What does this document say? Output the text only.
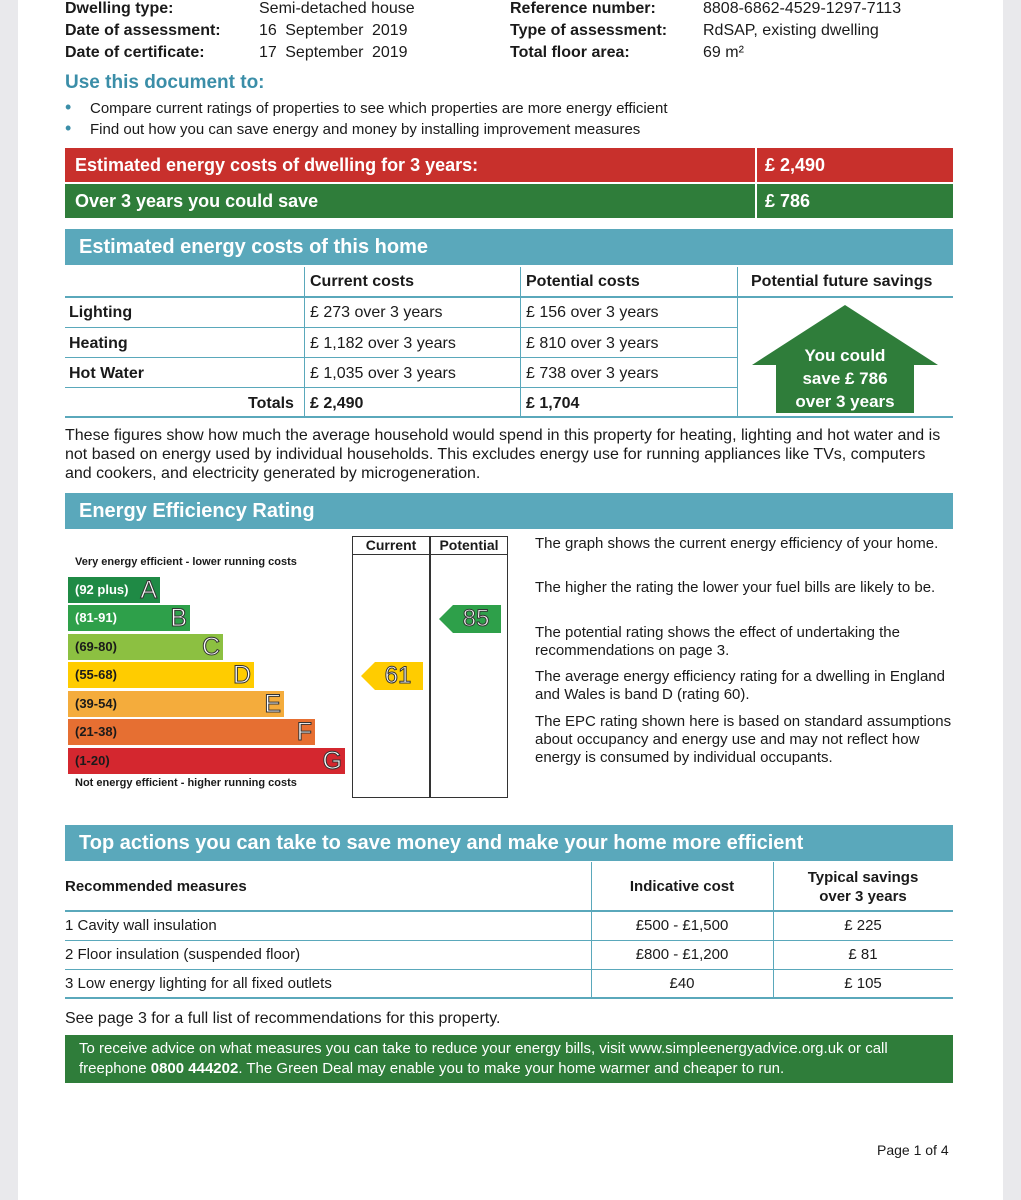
Dwelling type:	Semi-detached house
Date of assessment: 16 September 2019
Date of certificate:	17 September 2019
Reference number:	8808-6862-4529-1297-7113
Type of assessment: RdSAP, existing dwelling
Total floor area:	69 m²
Use this document to:
• Compare current ratings of properties to see which properties are more energy efficient
• Find out how you can save energy and money by installing improvement measures
Estimated energy costs of dwelling for 3 years:	£ 2,490
Over 3 years you could save	£ 786
Estimated energy costs of this home
Current costs	Potential costs	Potential future savings
Lighting	£ 273 over 3 years	£ 156 over 3 years
Heating	£ 1,182 over 3 years	£ 810 over 3 years
Hot Water	£ 1,035 over 3 years	£ 738 over 3 years
Totals £ 2,490	£ 1,704
You could
save £ 786
over 3 years
These figures show how much the average household would spend in this property for heating, lighting and hot water and is not based on energy used by individual households. This excludes energy use for running appliances like TVs, computers and cookers, and electricity generated by microgeneration.
Energy Efficiency Rating
Current	Potential
Very energy efficient - lower running costs
Not energy efficient - higher running costs
(92 plus) A
(81-91) B
(69-80)	C
(55-68)	D
(39-54)	E
(21-38)	F
(1-20)	G
61
85
The graph shows the current energy efficiency of your home.
The higher the rating the lower your fuel bills are likely to be.
The potential rating shows the effect of undertaking the recommendations on page 3.
The average energy efficiency rating for a dwelling in England and Wales is band D (rating 60).
The EPC rating shown here is based on standard assumptions about occupancy and energy use and may not reflect how energy is consumed by individual occupants.
Top actions you can take to save money and make your home more efficient
Recommended measures	Indicative cost
Typical savings
over 3 years
1 Cavity wall insulation	£500 - £1,500	£ 225
2 Floor insulation (suspended floor)	£800 - £1,200	£ 81
3 Low energy lighting for all fixed outlets	£40	£ 105
See page 3 for a full list of recommendations for this property.
To receive advice on what measures you can take to reduce your energy bills, visit www.simpleenergyadvice.org.uk or call freephone 0800 444202. The Green Deal may enable you to make your home warmer and cheaper to run.
Page 1 of 4
